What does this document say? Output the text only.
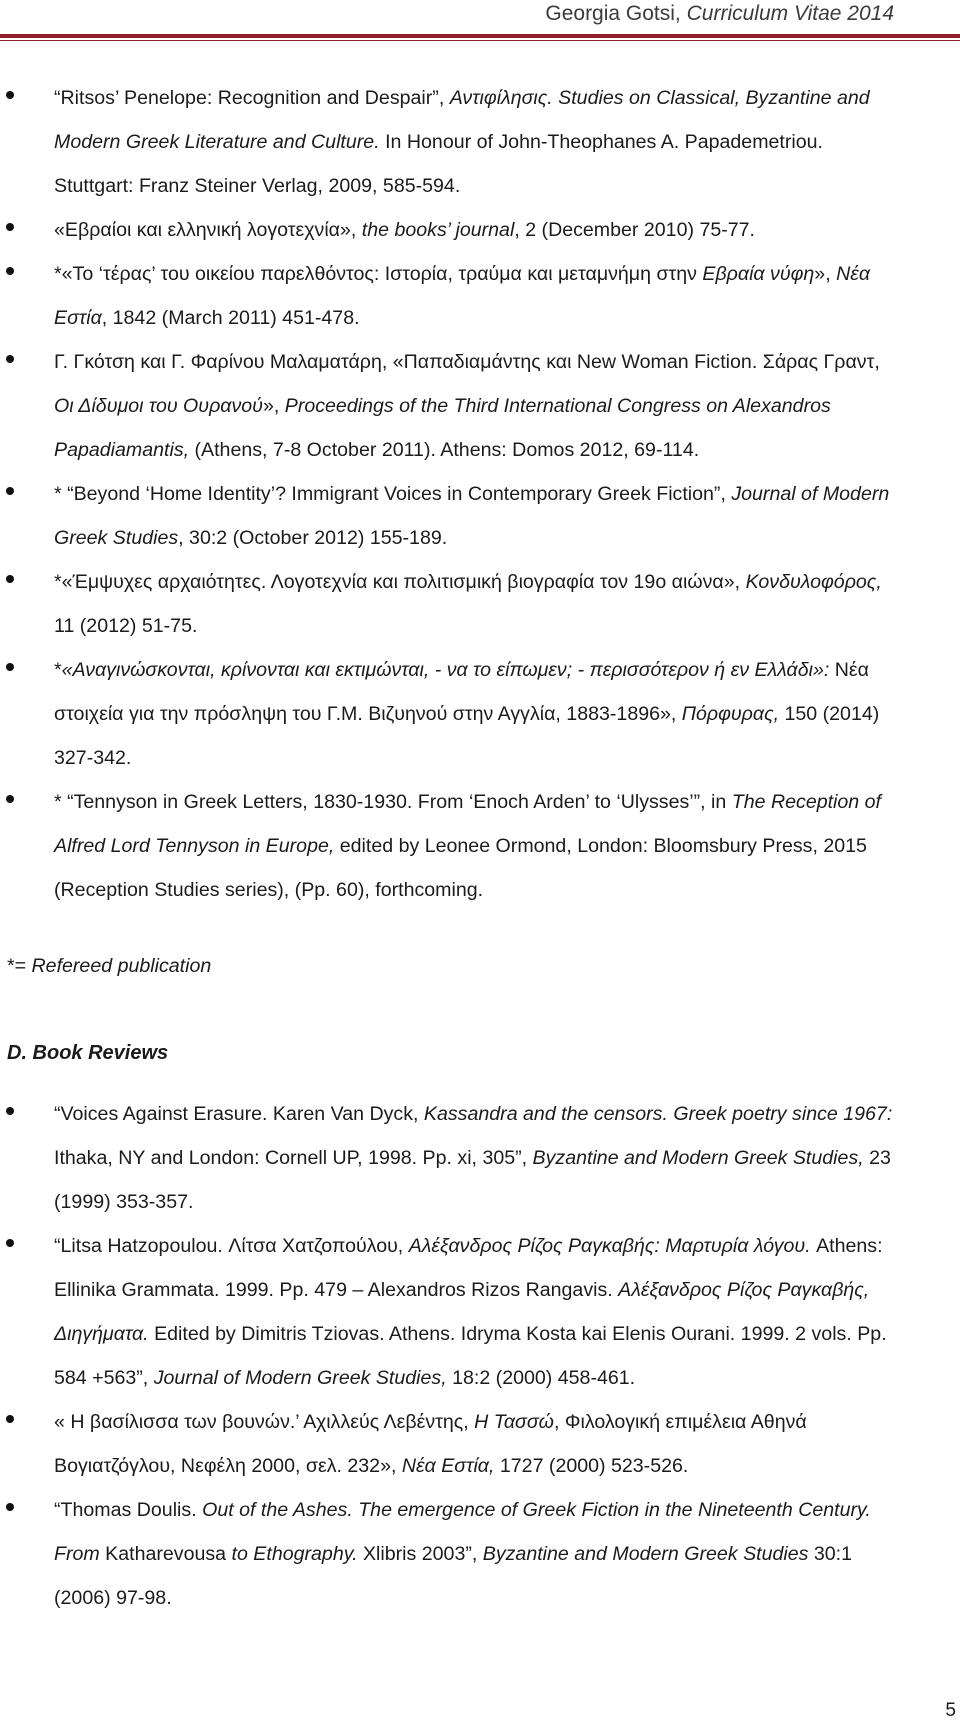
Georgia Gotsi, Curriculum Vitae 2014
“Ritsos’ Penelope: Recognition and Despair”, Αντιφίλησις. Studies on Classical, Byzantine and
Modern Greek Literature and Culture. In Honour of John-Theophanes A. Papademetriou.
Stuttgart: Franz Steiner Verlag, 2009, 585-594.
«Εβραίοι και ελληνική λογοτεχνία», the books’ journal, 2 (December 2010) 75-77.
*«Το ‘τέρας’ του οικείου παρελθόντος: Ιστορία, τραύμα και μεταμνήμη στην Εβραία νύφη», Νέα
Εστία, 1842 (March 2011) 451-478.
Γ. Γκότση και Γ. Φαρίνου Μαλαματάρη, «Παπαδιαμάντης και New Woman Fiction. Σάρας Γραντ,
Οι Δίδυμοι του Ουρανού», Proceedings of the Third International Congress on Alexandros
Papadiamantis, (Athens, 7-8 October 2011). Athens: Domos 2012, 69-114.
* “Beyond ‘Home Identity’? Immigrant Voices in Contemporary Greek Fiction”, Journal of Modern
Greek Studies, 30:2 (October 2012) 155-189.
*«Έμψυχες αρχαιότητες. Λογοτεχνία και πολιτισμική βιογραφία τον 19ο αιώνα», Κονδυλοφόρος,
11 (2012) 51-75.
*«Αναγινώσκονται, κρίνονται και εκτιμώνται, - να το είπωμεν; - περισσότερον ή εν Ελλάδι»: Νέα
στοιχεία για την πρόσληψη του Γ.Μ. Βιζυηνού στην Αγγλία, 1883-1896», Πόρφυρας, 150 (2014)
327-342.
* “Tennyson in Greek Letters, 1830-1930. From ‘Enoch Arden’ to ‘Ulysses’”, in The Reception of
Alfred Lord Tennyson in Europe, edited by Leonee Ormond, London: Bloomsbury Press, 2015
(Reception Studies series), (Pp. 60), forthcoming.
*= Refereed publication
D. Book Reviews
“Voices Against Erasure. Karen Van Dyck, Kassandra and the censors. Greek poetry since 1967:
Ithaka, NY and London: Cornell UP, 1998. Pp. xi, 305”, Byzantine and Modern Greek Studies, 23
(1999) 353-357.
“Litsa Hatzopoulou. Λίτσα Χατζοπούλου, Αλέξανδρος Ρίζος Ραγκαβής: Μαρτυρία λόγου. Athens:
Ellinika Grammata. 1999. Pp. 479 – Alexandros Rizos Rangavis. Αλέξανδρος Ρίζος Ραγκαβής,
Διηγήματα. Edited by Dimitris Tziovas. Athens. Idryma Kosta kai Elenis Ourani. 1999. 2 vols. Pp.
584 +563”, Journal of Modern Greek Studies, 18:2 (2000) 458-461.
« Η βασίλισσα των βουνών.’ Αχιλλεύς Λεβέντης, Η Τασσώ, Φιλολογική επιμέλεια Αθηνά
Βογιατζόγλου, Νεφέλη 2000, σελ. 232», Νέα Εστία, 1727 (2000) 523-526.
“Thomas Doulis. Out of the Ashes. The emergence of Greek Fiction in the Nineteenth Century.
From Katharevousa to Ethography. Xlibris 2003”, Byzantine and Modern Greek Studies 30:1
(2006) 97-98.
5
